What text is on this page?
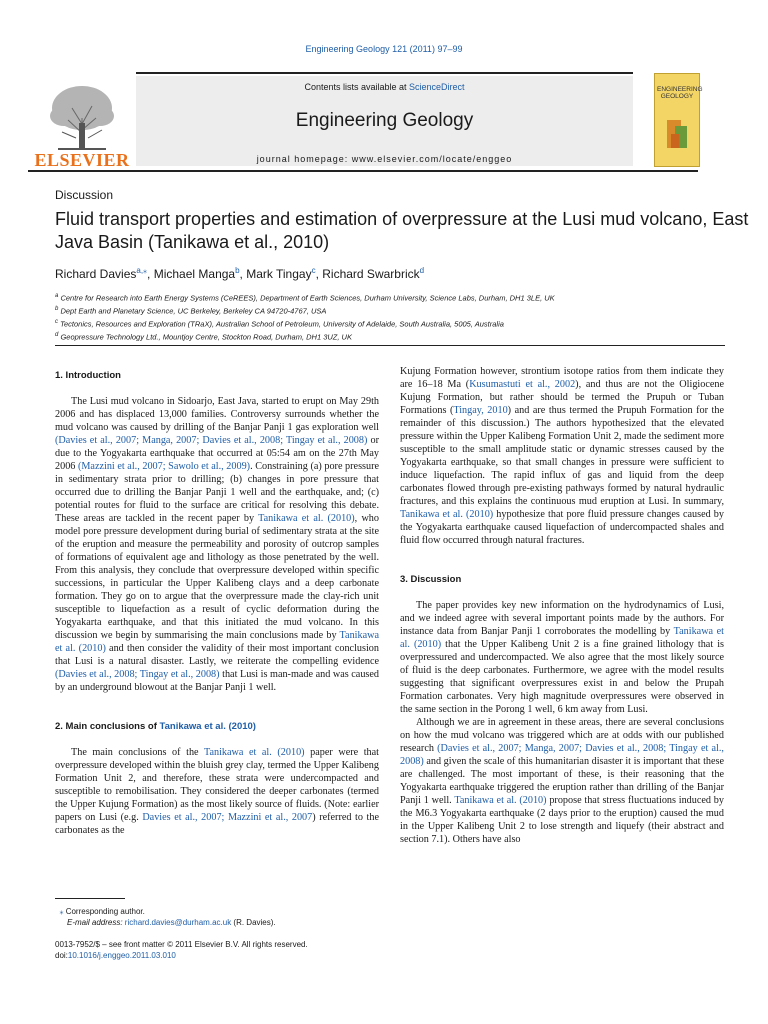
Engineering Geology 121 (2011) 97–99
ELSEVIER
Contents lists available at ScienceDirect
Engineering Geology
journal homepage: www.elsevier.com/locate/enggeo
ENGINEERING
GEOLOGY
Discussion
Fluid transport properties and estimation of overpressure at the Lusi mud volcano, East Java Basin (Tanikawa et al., 2010)
Richard Davies$^{a,⁎}$, Michael Manga$^b$, Mark Tingay$^c$, Richard Swarbrick$^d$
$^a$ Centre for Research into Earth Energy Systems (CeREES), Department of Earth Sciences, Durham University, Science Labs, Durham, DH1 3LE, UK
$^b$ Dept Earth and Planetary Science, UC Berkeley, Berkeley CA 94720-4767, USA
$^c$ Tectonics, Resources and Exploration (TRaX), Australian School of Petroleum, University of Adelaide, South Australia, 5005, Australia
$^d$ Geopressure Technology Ltd., Mountjoy Centre, Stockton Road, Durham, DH1 3UZ, UK

1. Introduction

The Lusi mud volcano in Sidoarjo, East Java, started to erupt on May 29th 2006 and has displaced 13,000 families. Controversy surrounds whether the mud volcano was caused by drilling of the Banjar Panji 1 gas exploration well (Davies et al., 2007; Manga, 2007; Davies et al., 2008; Tingay et al., 2008) or due to the Yogyakarta earthquake that occurred at 05:54 am on the 27th May 2006 (Mazzini et al., 2007; Sawolo et al., 2009). Constraining (a) pore pressure in sedimentary strata prior to drilling; (b) changes in pore pressure that occurred due to drilling the Banjar Panji 1 well and the earthquake, and; (c) potential routes for fluid to the surface are critical for resolving this debate. These areas are tackled in the recent paper by Tanikawa et al. (2010), who model pore pressure development during burial of sedimentary strata at the site of the eruption and measure the permeability and porosity of outcrop samples of formations of equivalent age and lithology as those penetrated by the well. From this analysis, they conclude that overpressure developed within specific successions, in particular the Upper Kalibeng clays and a deep carbonate formation. They go on to argue that the overpressure made the clay-rich unit susceptible to liquefaction as a result of cyclic deformation during the Yogyakarta earthquake, and that this initiated the mud volcano. In this discussion we begin by summarising the main conclusions made by Tanikawa et al. (2010) and then consider the validity of their most important conclusion that Lusi is a natural disaster. Lastly, we reiterate the compelling evidence (Davies et al., 2008; Tingay et al., 2008) that Lusi is man-made and was caused by an underground blowout at the Banjar Panji 1 well.

2. Main conclusions of Tanikawa et al. (2010)

The main conclusions of the Tanikawa et al. (2010) paper were that overpressure developed within the bluish grey clay, termed the Upper Kalibeng Formation Unit 2, and therefore, these strata were undercompacted and susceptible to remobilisation. They considered the deeper carbonates (termed the Upper Kujung Formation) as the most likely source of fluids. (Note: earlier papers on Lusi (e.g. Davies et al., 2007; Mazzini et al., 2007) referred to the carbonates as the

Kujung Formation however, strontium isotope ratios from them indicate they are 16–18 Ma (Kusumastuti et al., 2002), and thus are not the Oligiocene Kujung Formation, but rather should be termed the Prupuh or Tuban Formations (Tingay, 2010) and are thus termed the Prupuh Formation for the remainder of this discussion.) The authors hypothesized that the elevated pressure within the Upper Kalibeng Formation Unit 2, made the sediment more susceptible to the small amplitude static or dynamic stresses caused by the Yogyakarta earthquake, so that small changes in pressure were sufficient to induce liquefaction. The rapid influx of gas and liquid from the deep carbonates flowed through pre-existing pathways formed by natural hydraulic fractures, and this explains the continuous mud eruption at Lusi. In summary, Tanikawa et al. (2010) hypothesize that pore fluid pressure changes caused by the Yogyakarta earthquake caused liquefaction of undercompacted shales and fluid flow occurred through natural fractures.

3. Discussion

The paper provides key new information on the hydrodynamics of Lusi, and we indeed agree with several important points made by the authors. For instance data from Banjar Panji 1 corroborates the modelling by Tanikawa et al. (2010) that the Upper Kalibeng Unit 2 is a fine grained lithology that is overpressured and undercompacted. We also agree that the most likely source of fluid is the deep carbonates. Furthermore, we agree with the model results suggesting that significant overpressures exist in and below the Prupah Formation carbonates. Very high magnitude overpressures were observed in the same section in the Porong 1 well, 6 km away from Lusi.

Although we are in agreement in these areas, there are several conclusions on how the mud volcano was triggered which are at odds with our published research (Davies et al., 2007; Manga, 2007; Davies et al., 2008; Tingay et al., 2008) and given the scale of this humanitarian disaster it is important that these are challenged. The most important of these, is their reasoning that the Yogyakarta earthquake triggered the eruption rather than drilling of the Banjar Panji 1 well. Tanikawa et al. (2010) propose that stress fluctuations induced by the M6.3 Yogyakarta earthquake (2 days prior to the eruption) caused the mud in the Upper Kalibeng Unit 2 to lose strength and liquefy (their abstract and section 7.1). Others have also

⁎ Corresponding author.
E-mail address: richard.davies@durham.ac.uk (R. Davies).
0013-7952/$ – see front matter © 2011 Elsevier B.V. All rights reserved.
doi:10.1016/j.enggeo.2011.03.010
